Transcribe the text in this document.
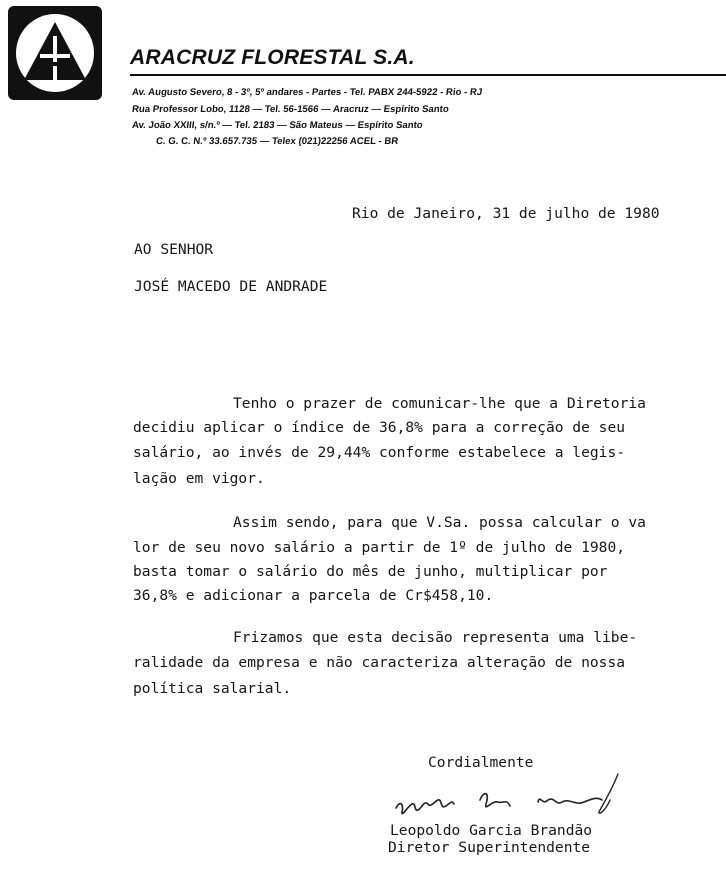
ARACRUZ FLORESTAL S.A.
Av. Augusto Severo, 8 - 3º, 5º andares - Partes - Tel. PABX 244-5922 - Rio - RJ
Rua Professor Lobo, 1128 — Tel. 56-1566 — Aracruz — Espírito Santo
Av. João XXIII, s/n.º — Tel. 2183 — São Mateus — Espírito Santo
C. G. C. N.º 33.657.735 — Telex (021)22256 ACEL - BR
Rio de Janeiro, 31 de julho de 1980
AO SENHOR
JOSÉ MACEDO DE ANDRADE
Tenho o prazer de comunicar-lhe que a Diretoria
decidiu aplicar o índice de 36,8% para a correção de seu
salário, ao invés de 29,44% conforme estabelece a legis-
lação em vigor.
Assim sendo, para que V.Sa. possa calcular o va
lor de seu novo salário a partir de 1º de julho de 1980,
basta tomar o salário do mês de junho, multiplicar por
36,8% e adicionar a parcela de Cr$458,10.
Frizamos que esta decisão representa uma libe-
ralidade da empresa e não caracteriza alteração de nossa
política salarial.
Cordialmente
Leopoldo Garcia Brandão
Diretor Superintendente
